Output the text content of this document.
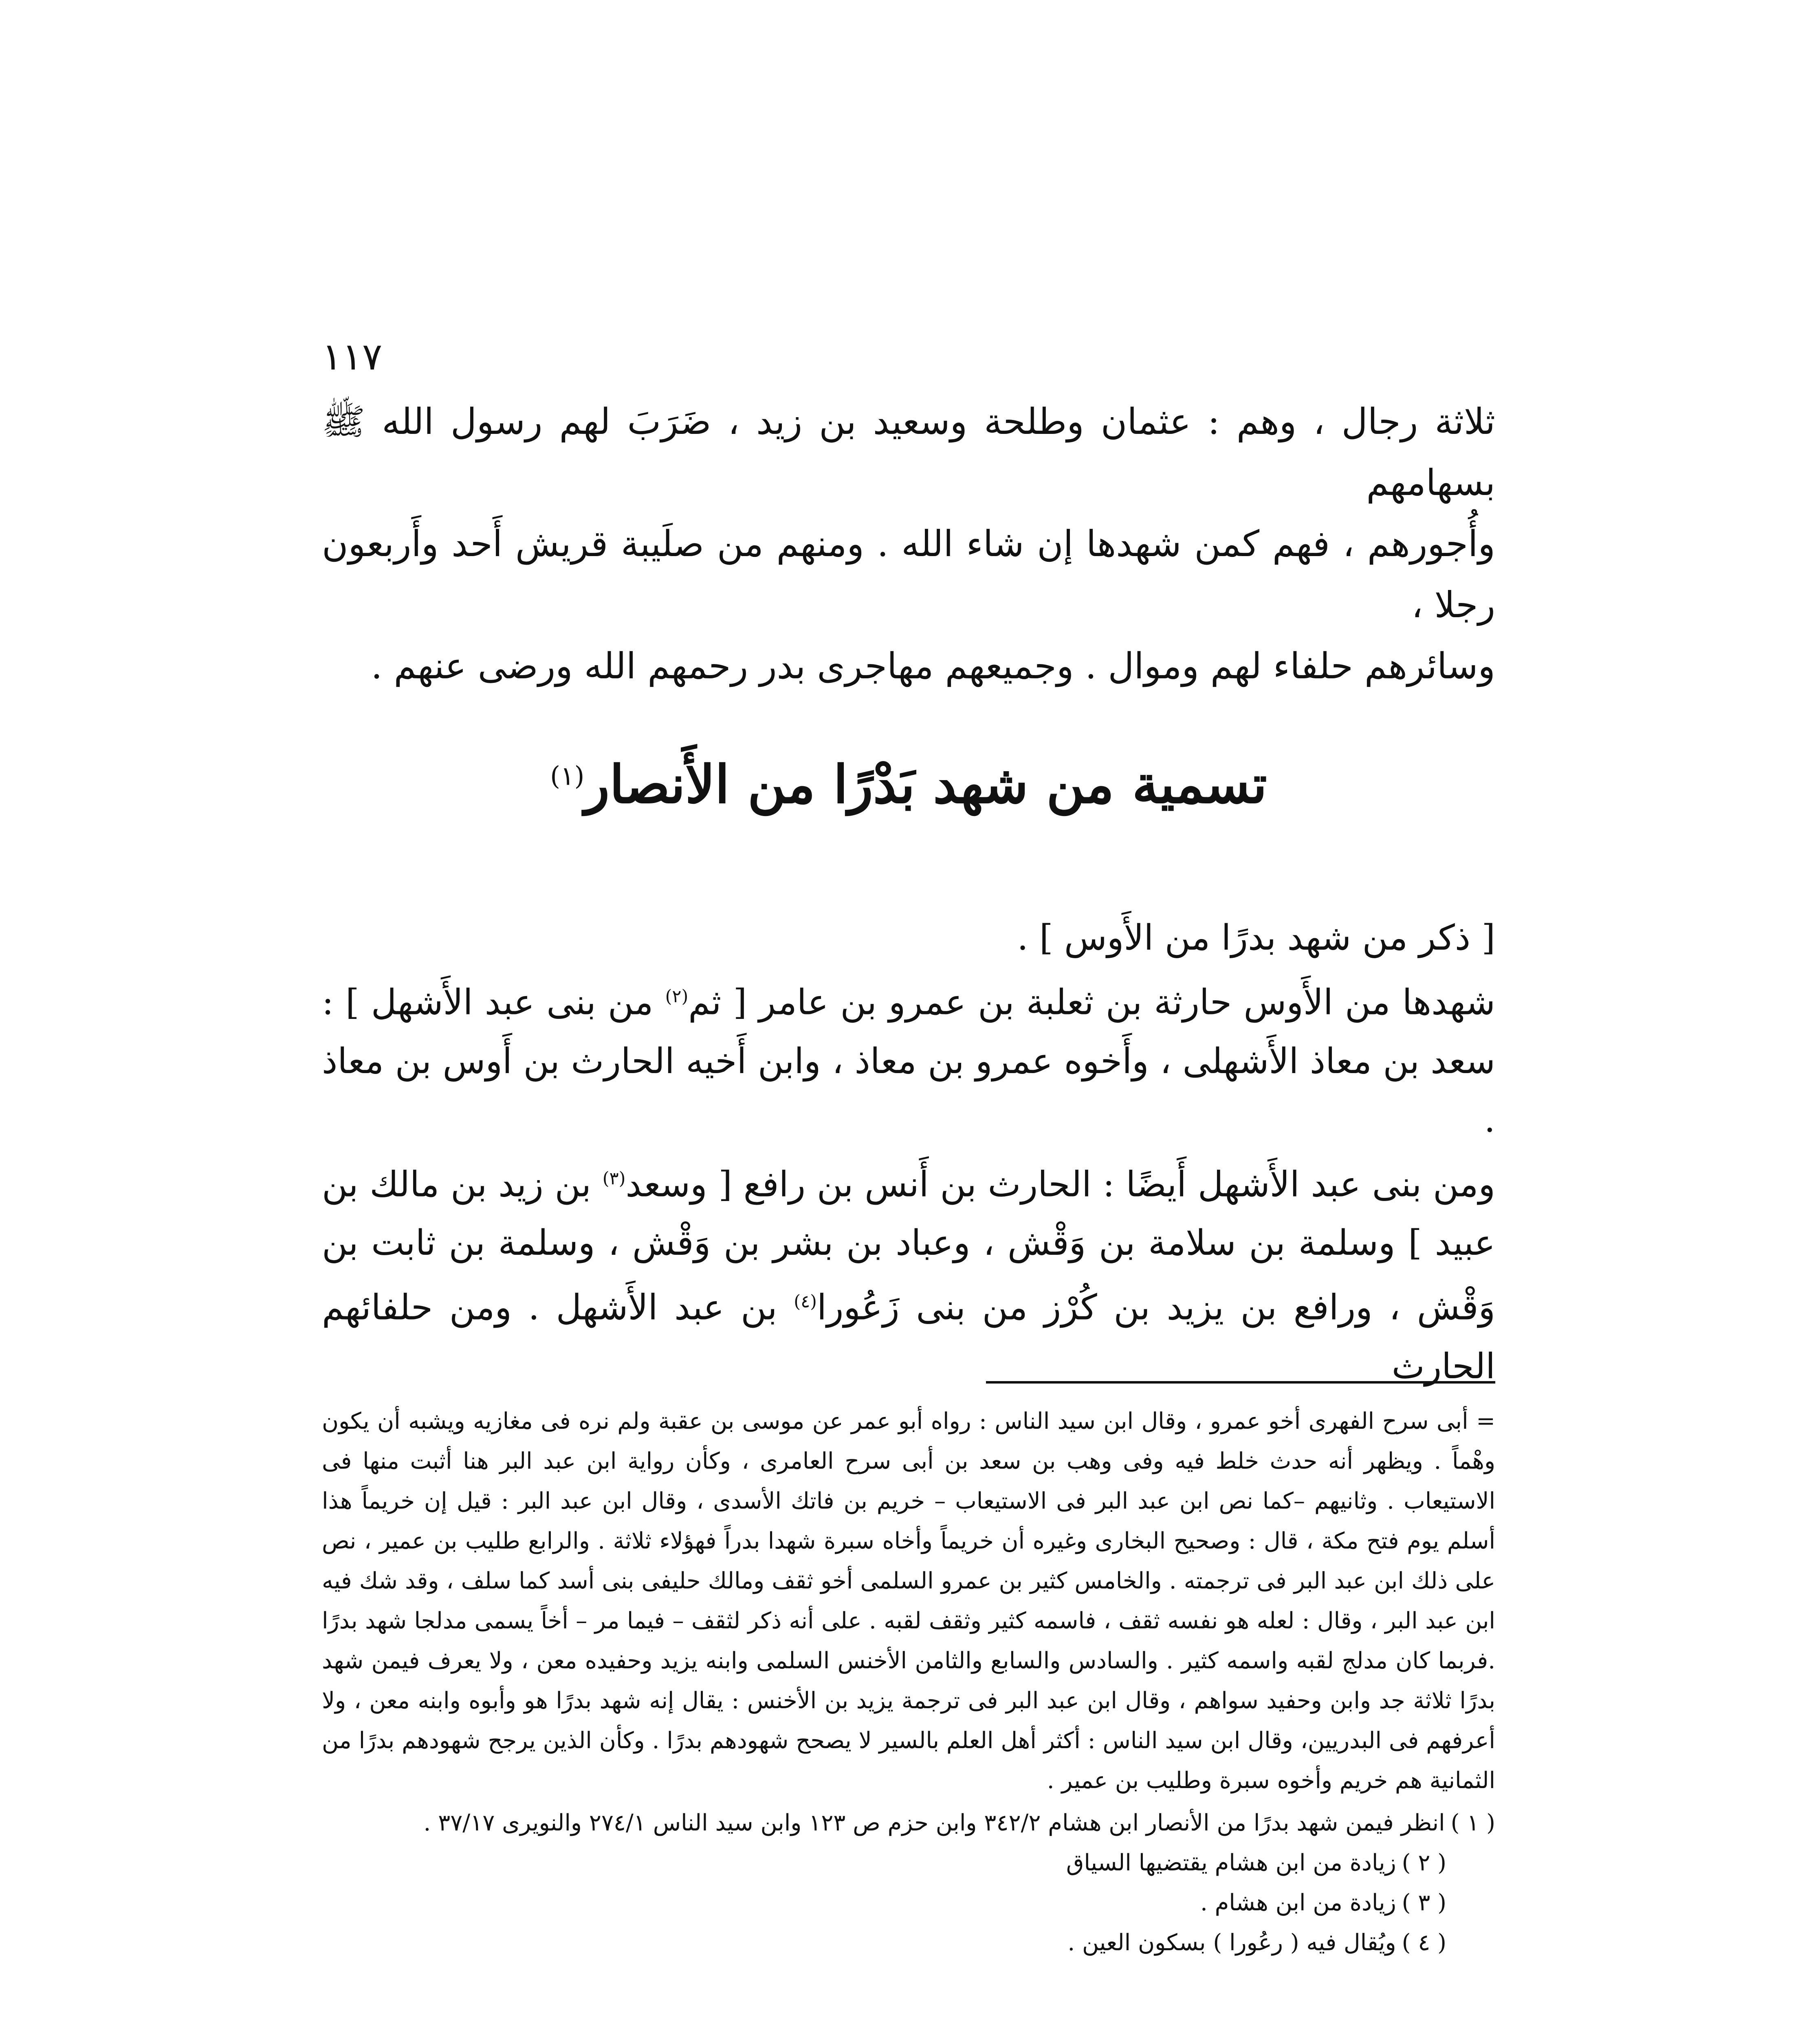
١١٧

ثلاثة رجال ، وهم : عثمان وطلحة وسعيد بن زيد ، ضَرَبَ لهم رسول الله ﷺ بسهامهم

وأُجورهم ، فهم كمن شهدها إن شاء الله . ومنهم من صلَيبة قريش أَحد وأَربعون رجلا ،

وسائرهم حلفاء لهم وموال . وجميعهم مهاجرى بدر رحمهم الله ورضى عنهم .

تسمية من شهد بَدْرًا من الأَنصار$^{(١)}$

[ ذكر من شهد بدرًا من الأَوس ] .

شهدها من الأَوس حارثة بن ثعلبة بن عمرو بن عامر [ ثم$^{(٢)}$ من بنى عبد الأَشهل ] : سعد بن معاذ الأَشهلى ، وأَخوه عمرو بن معاذ ، وابن أَخيه الحارث بن أَوس بن معاذ .

ومن بنى عبد الأَشهل أَيضًا : الحارث بن أَنس بن رافع [ وسعد$^{(٣)}$ بن زيد بن مالك بن عبيد ] وسلمة بن سلامة بن وَقْش ، وعباد بن بشر بن وَقْش ، وسلمة بن ثابت بن وَقْش ، ورافع بن يزيد بن كُرْز من بنى زَعُورا$^{(٤)}$ بن عبد الأَشهل . ومن حلفائهم الحارث

= أبى سرح الفهرى أخو عمرو ، وقال ابن سيد الناس : رواه أبو عمر عن موسى بن عقبة ولم نره فى مغازيه ويشبه أن يكون وهْماً . ويظهر أنه حدث خلط فيه وفى وهب بن سعد بن أبى سرح العامرى ، وكأن رواية ابن عبد البر هنا أثبت منها فى الاستيعاب . وثانيهم –كما نص ابن عبد البر فى الاستيعاب – خريم بن فاتك الأسدى ، وقال ابن عبد البر : قيل إن خريماً هذا أسلم يوم فتح مكة ، قال : وصحيح البخارى وغيره أن خريماً وأخاه سبرة شهدا بدراً فهؤلاء ثلاثة . والرابع طليب بن عمير ، نص على ذلك ابن عبد البر فى ترجمته . والخامس كثير بن عمرو السلمى أخو ثقف ومالك حليفى بنى أسد كما سلف ، وقد شك فيه ابن عبد البر ، وقال : لعله هو نفسه ثقف ، فاسمه كثير وثقف لقبه . على أنه ذكر لثقف – فيما مر – أخاً يسمى مدلجا شهد بدرًا .فربما كان مدلج لقبه واسمه كثير . والسادس والسابع والثامن الأخنس السلمى وابنه يزيد وحفيده معن ، ولا يعرف فيمن شهد بدرًا ثلاثة جد وابن وحفيد سواهم ، وقال ابن عبد البر فى ترجمة يزيد بن الأخنس : يقال إنه شهد بدرًا هو وأبوه وابنه معن ، ولا أعرفهم فى البدريين، وقال ابن سيد الناس : أكثر أهل العلم بالسير لا يصحح شهودهم بدرًا . وكأن الذين يرجح شهودهم بدرًا من الثمانية هم خريم وأخوه سبرة وطليب بن عمير .

( ١ )انظر فيمن شهد بدرًا من الأنصار ابن هشام ٣٤٢/٢ وابن حزم ص ١٢٣ وابن سيد الناس ٢٧٤/١ والنويرى ٣٧/١٧ .

( ٢ )زيادة من ابن هشام يقتضيها السياق

( ٣ )زيادة من ابن هشام .

( ٤ )ويُقال فيه ( رعُورا ) بسكون العين .
